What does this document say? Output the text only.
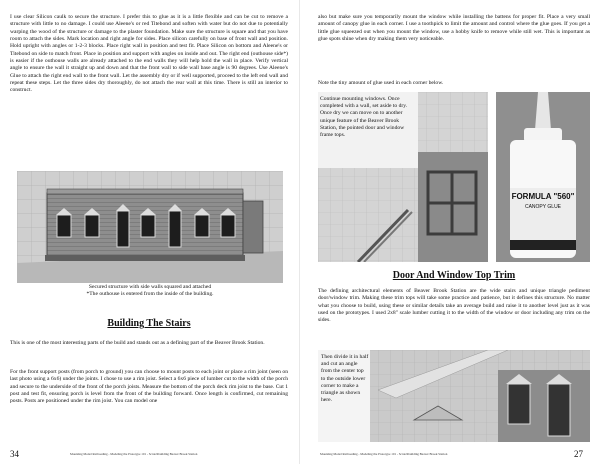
I use clear Silicon caulk to secure the structure. I prefer this to glue as it is a little flexible and can be cut to remove a structure with little to no damage. I could use Aleene's or red Titebond and soften with water but do not due to potentially warping the wood of the structure or damage to the plaster foundation. Make sure the structure is square and that you have room to attach the sides. Mark location and right angle for sides. Place silicon carefully on base of front wall and position. Hold upright with angles or 1-2-3 blocks. Place right wall in position and test fit. Place Silicon on bottom and Aleene's or Titebond on side to match front. Place in position and support with angles on inside and out. The right end (outhouse side*) is easier if the outhouse walls are already attached to the end walls they will help hold the wall in place. Verify vertical angle to ensure the wall it straight up and down and that the front wall to side wall base angle is 90 degrees. Use Aleene's Glue to attach the right end wall to the front wall. Let the assembly dry or if well supported, proceed to the left end wall and repeat these steps. Let the three sides dry thoroughly, do not attach the rear wall at this time. There is still an interior to construct.

Secured structure with side walls squared and attached

*The outhouse is entered from the inside of the building.

Building The Stairs

This is one of the most interesting parts of the build and stands out as a defining part of the Beaver Brook Station.

For the front support posts (from porch to ground) you can choose to mount posts to each joint or place a rim joint (seen on last photo using a 6x6) under the joints. I chose to use a rim joist. Select a 6x6 piece of lumber cut to the width of the porch and secure to the underside of the front of the porch joists. Measure the bottom of the porch deck rim joist to the base. Cut 1 post and test fit, ensuring porch is level from the front of the building forward. Once length is confirmed, cut remaining posts. Posts are positioned under the rim joist. You can model one

34	Mounting Model Railroading - Modeling the Prototype 101 - Scratchbuilding Beaver Brook Station

also but make sure you temporarily mount the window while installing the battens for proper fit. Place a very small amount of canopy glue in each corner. I use a toothpick to limit the amount and control where the glue goes. If you get a little glue squeezed out when you mount the window, use a hobby knife to remove while still wet. This is important as glue spots shine when dry making them very noticeable.

Note the tiny amount of glue used in each corner below.

Continue mounting windows. Once completed with a wall, set aside to dry. Once dry we can move on to another unique feature of the Beaver Brook Station, the pointed door and window frame tops.

FORMULA "560"
CANOPY GLUE
Door And Window Top Trim

The defining architectural elements of Beaver Brook Station are the wide stairs and unique triangle pediment door/window trim. Making these trim tops will take some practice and patience, but it defines this structure. No matter what you choose to build, using these or similar details take an average build and raise it to another level just as it was used on the prototypes. I used 2x8" scale lumber cutting it to the width of the window or door including any trim on the sides.

Then divide it in half and cut an angle from the center top to the outside lower corner to make a triangle as shown here.

Mounting Model Railroading - Modeling the Prototype 101 - Scratchbuilding Beaver Brook Station	27
